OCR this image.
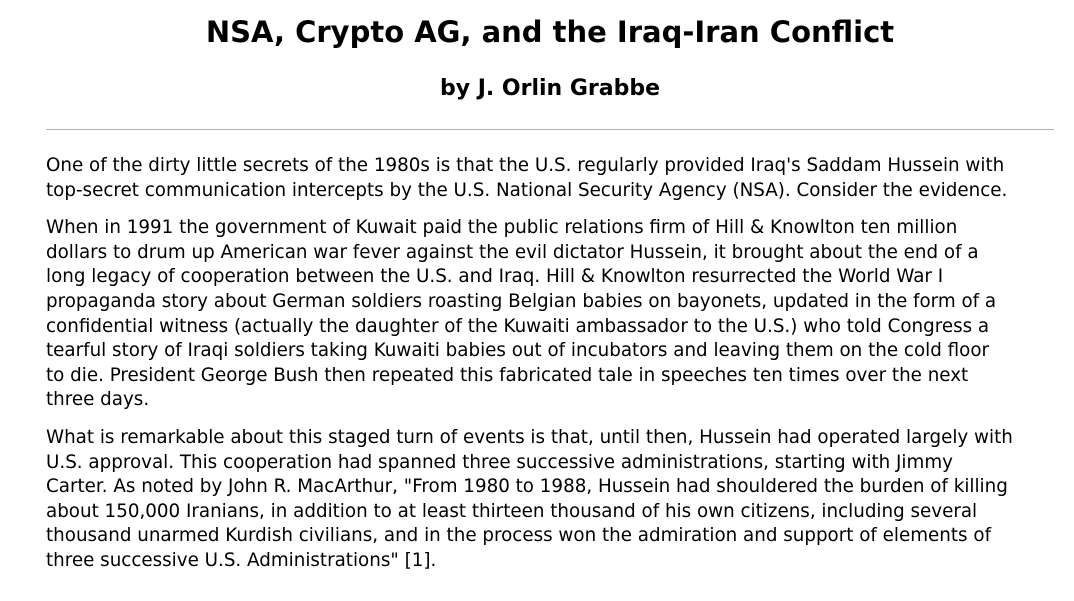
NSA, Crypto AG, and the Iraq-Iran Conflict
by J. Orlin Grabbe

One of the dirty little secrets of the 1980s is that the U.S. regularly provided Iraq's Saddam Hussein with
top-secret communication intercepts by the U.S. National Security Agency (NSA). Consider the evidence.

When in 1991 the government of Kuwait paid the public relations firm of Hill & Knowlton ten million
dollars to drum up American war fever against the evil dictator Hussein, it brought about the end of a
long legacy of cooperation between the U.S. and Iraq. Hill & Knowlton resurrected the World War I
propaganda story about German soldiers roasting Belgian babies on bayonets, updated in the form of a
confidential witness (actually the daughter of the Kuwaiti ambassador to the U.S.) who told Congress a
tearful story of Iraqi soldiers taking Kuwaiti babies out of incubators and leaving them on the cold floor
to die. President George Bush then repeated this fabricated tale in speeches ten times over the next
three days.

What is remarkable about this staged turn of events is that, until then, Hussein had operated largely with
U.S. approval. This cooperation had spanned three successive administrations, starting with Jimmy
Carter. As noted by John R. MacArthur, "From 1980 to 1988, Hussein had shouldered the burden of killing
about 150,000 Iranians, in addition to at least thirteen thousand of his own citizens, including several
thousand unarmed Kurdish civilians, and in the process won the admiration and support of elements of
three successive U.S. Administrations" [1].
